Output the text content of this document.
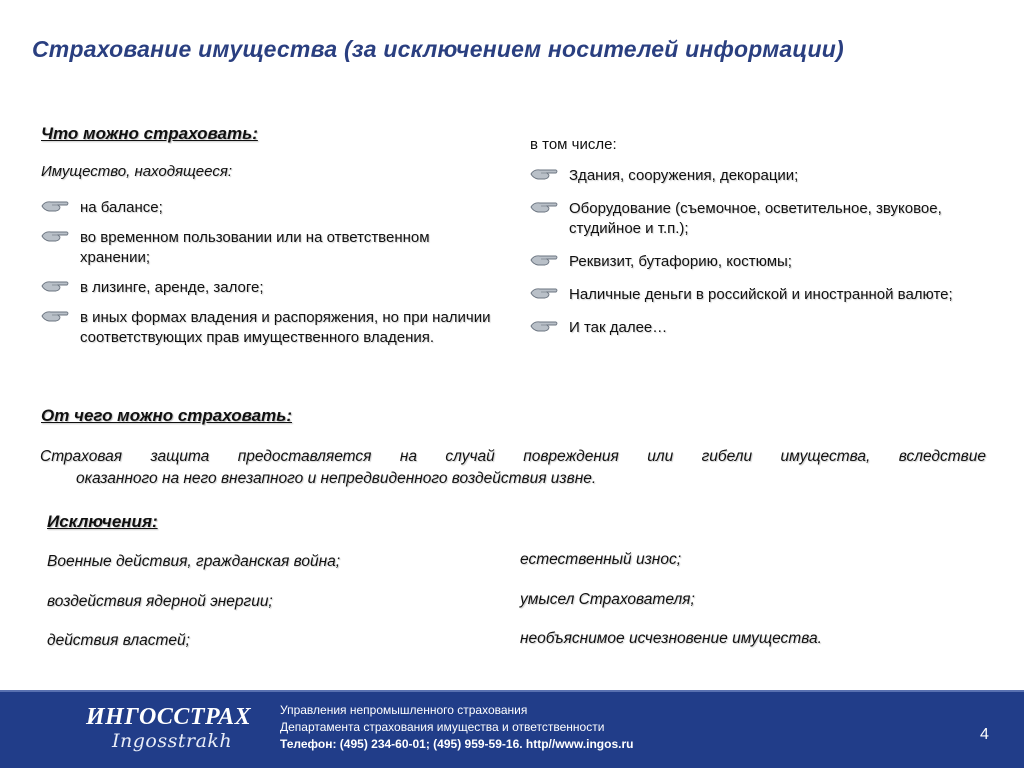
Страхование имущества (за исключением носителей информации)
Что можно страховать:
Имущество, находящееся:
на балансе;
во временном пользовании или на ответственном хранении;
в лизинге, аренде, залоге;
в иных формах владения и распоряжения, но при наличии соответствующих прав имущественного владения.
в том числе:
Здания, сооружения, декорации;
Оборудование (съемочное, осветительное, звуковое, студийное и т.п.);
Реквизит, бутафорию, костюмы;
Наличные деньги в российской и иностранной валюте;
И так далее…
От чего можно страховать:
Страховая защита предоставляется на случай повреждения или гибели имущества, вследствие
оказанного на него внезапного и непредвиденного воздействия извне.
Исключения:
Военные действия, гражданская война;
воздействия ядерной энергии;
действия властей;
естественный износ;
умысел Страхователя;
необъяснимое исчезновение имущества.
ИНГОССТРАХ
Ingosstrakh
Управления непромышленного страхования
Департамента страхования имущества и ответственности
Телефон: (495) 234-60-01; (495) 959-59-16. http//www.ingos.ru
4
